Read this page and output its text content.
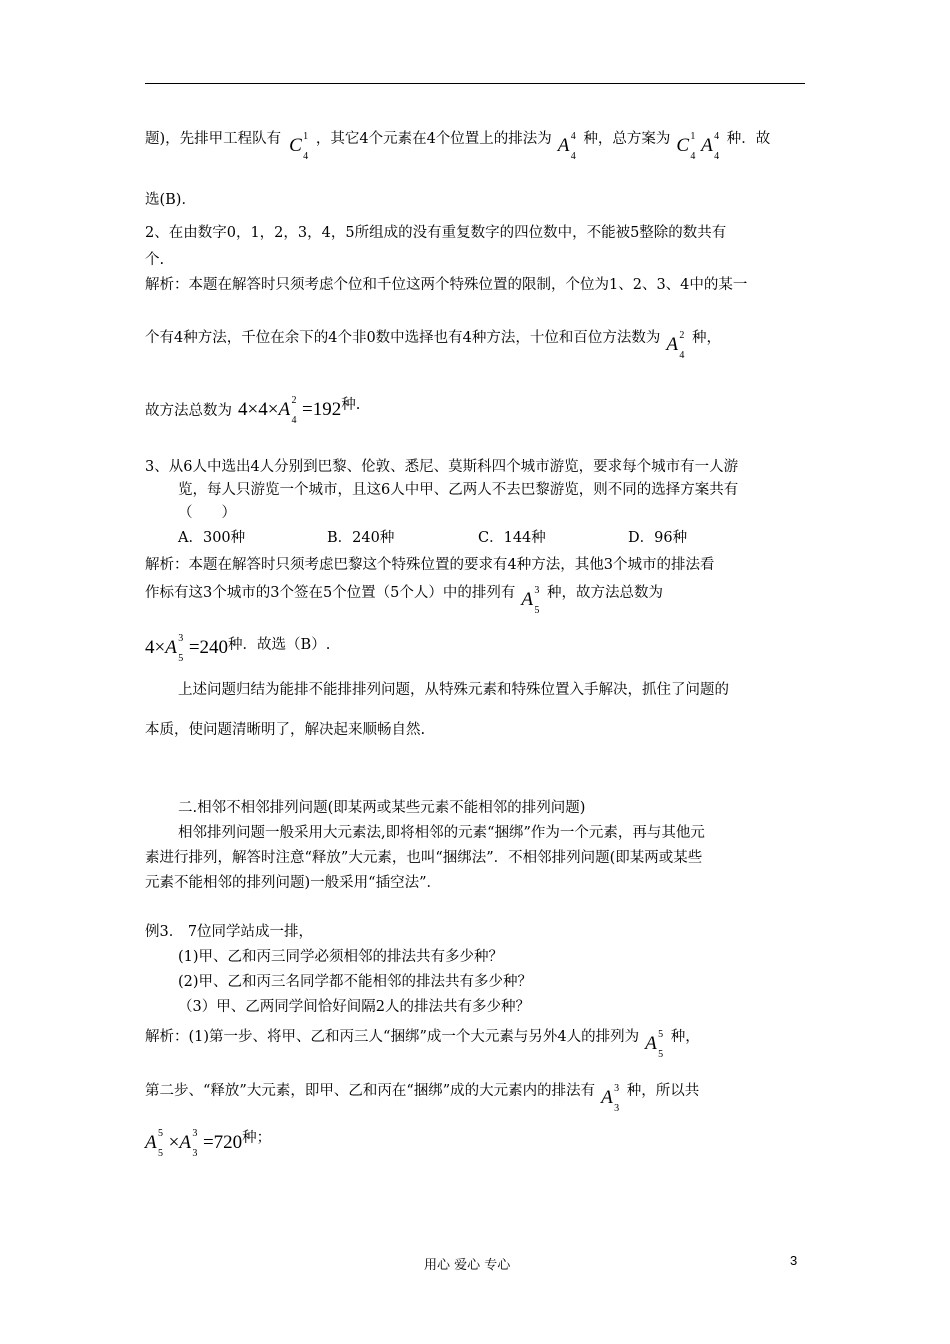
题)，先排甲工程队有 C 1
4
，其它4个元素在4个位置上的排法为 A 4
4
种，总方案为 C 1
4
A 4
4
种．故
选(B)．
2、在由数字0，1，2，3，4，5所组成的没有重复数字的四位数中，不能被5整除的数共有
个.
解析：本题在解答时只须考虑个位和千位这两个特殊位置的限制，个位为1、2、3、4中的某一
个有4种方法，千位在余下的4个非0数中选择也有4种方法，十位和百位方法数为 A 2
4
种，
故方法总数为 4×4×A 2
4
=192种.
3、从6人中选出4人分别到巴黎、伦敦、悉尼、莫斯科四个城市游览，要求每个城市有一人游
览，每人只游览一个城市，且这6人中甲、乙两人不去巴黎游览，则不同的选择方案共有
（　　）
A．300种	B．240种	C．144种	D．96种
解析：本题在解答时只须考虑巴黎这个特殊位置的要求有4种方法，其他3个城市的排法看
作标有这3个城市的3个签在5个位置（5个人）中的排列有 A 3
5
种，故方法总数为
4×A 3
5
=240种．故选（B）.
上述问题归结为能排不能排排列问题，从特殊元素和特殊位置入手解决，抓住了问题的
本质，使问题清晰明了，解决起来顺畅自然.
二.相邻不相邻排列问题(即某两或某些元素不能相邻的排列问题)
相邻排列问题一般采用大元素法,即将相邻的元素“捆绑”作为一个元素，再与其他元
素进行排列，解答时注意“释放”大元素，也叫“捆绑法”．不相邻排列问题(即某两或某些
元素不能相邻的排列问题)一般采用“插空法”．
例3． 7位同学站成一排，
(1)甲、乙和丙三同学必须相邻的排法共有多少种？
(2)甲、乙和丙三名同学都不能相邻的排法共有多少种？
（3）甲、乙两同学间恰好间隔2人的排法共有多少种？
解析：(1)第一步、将甲、乙和丙三人“捆绑”成一个大元素与另外4人的排列为 A 5
5
种，
第二步、“释放”大元素，即甲、乙和丙在“捆绑”成的大元素内的排法有 A 3
3
种，所以共
A 5
5
×A 3
3
=720种；
用心 爱心 专心	3
